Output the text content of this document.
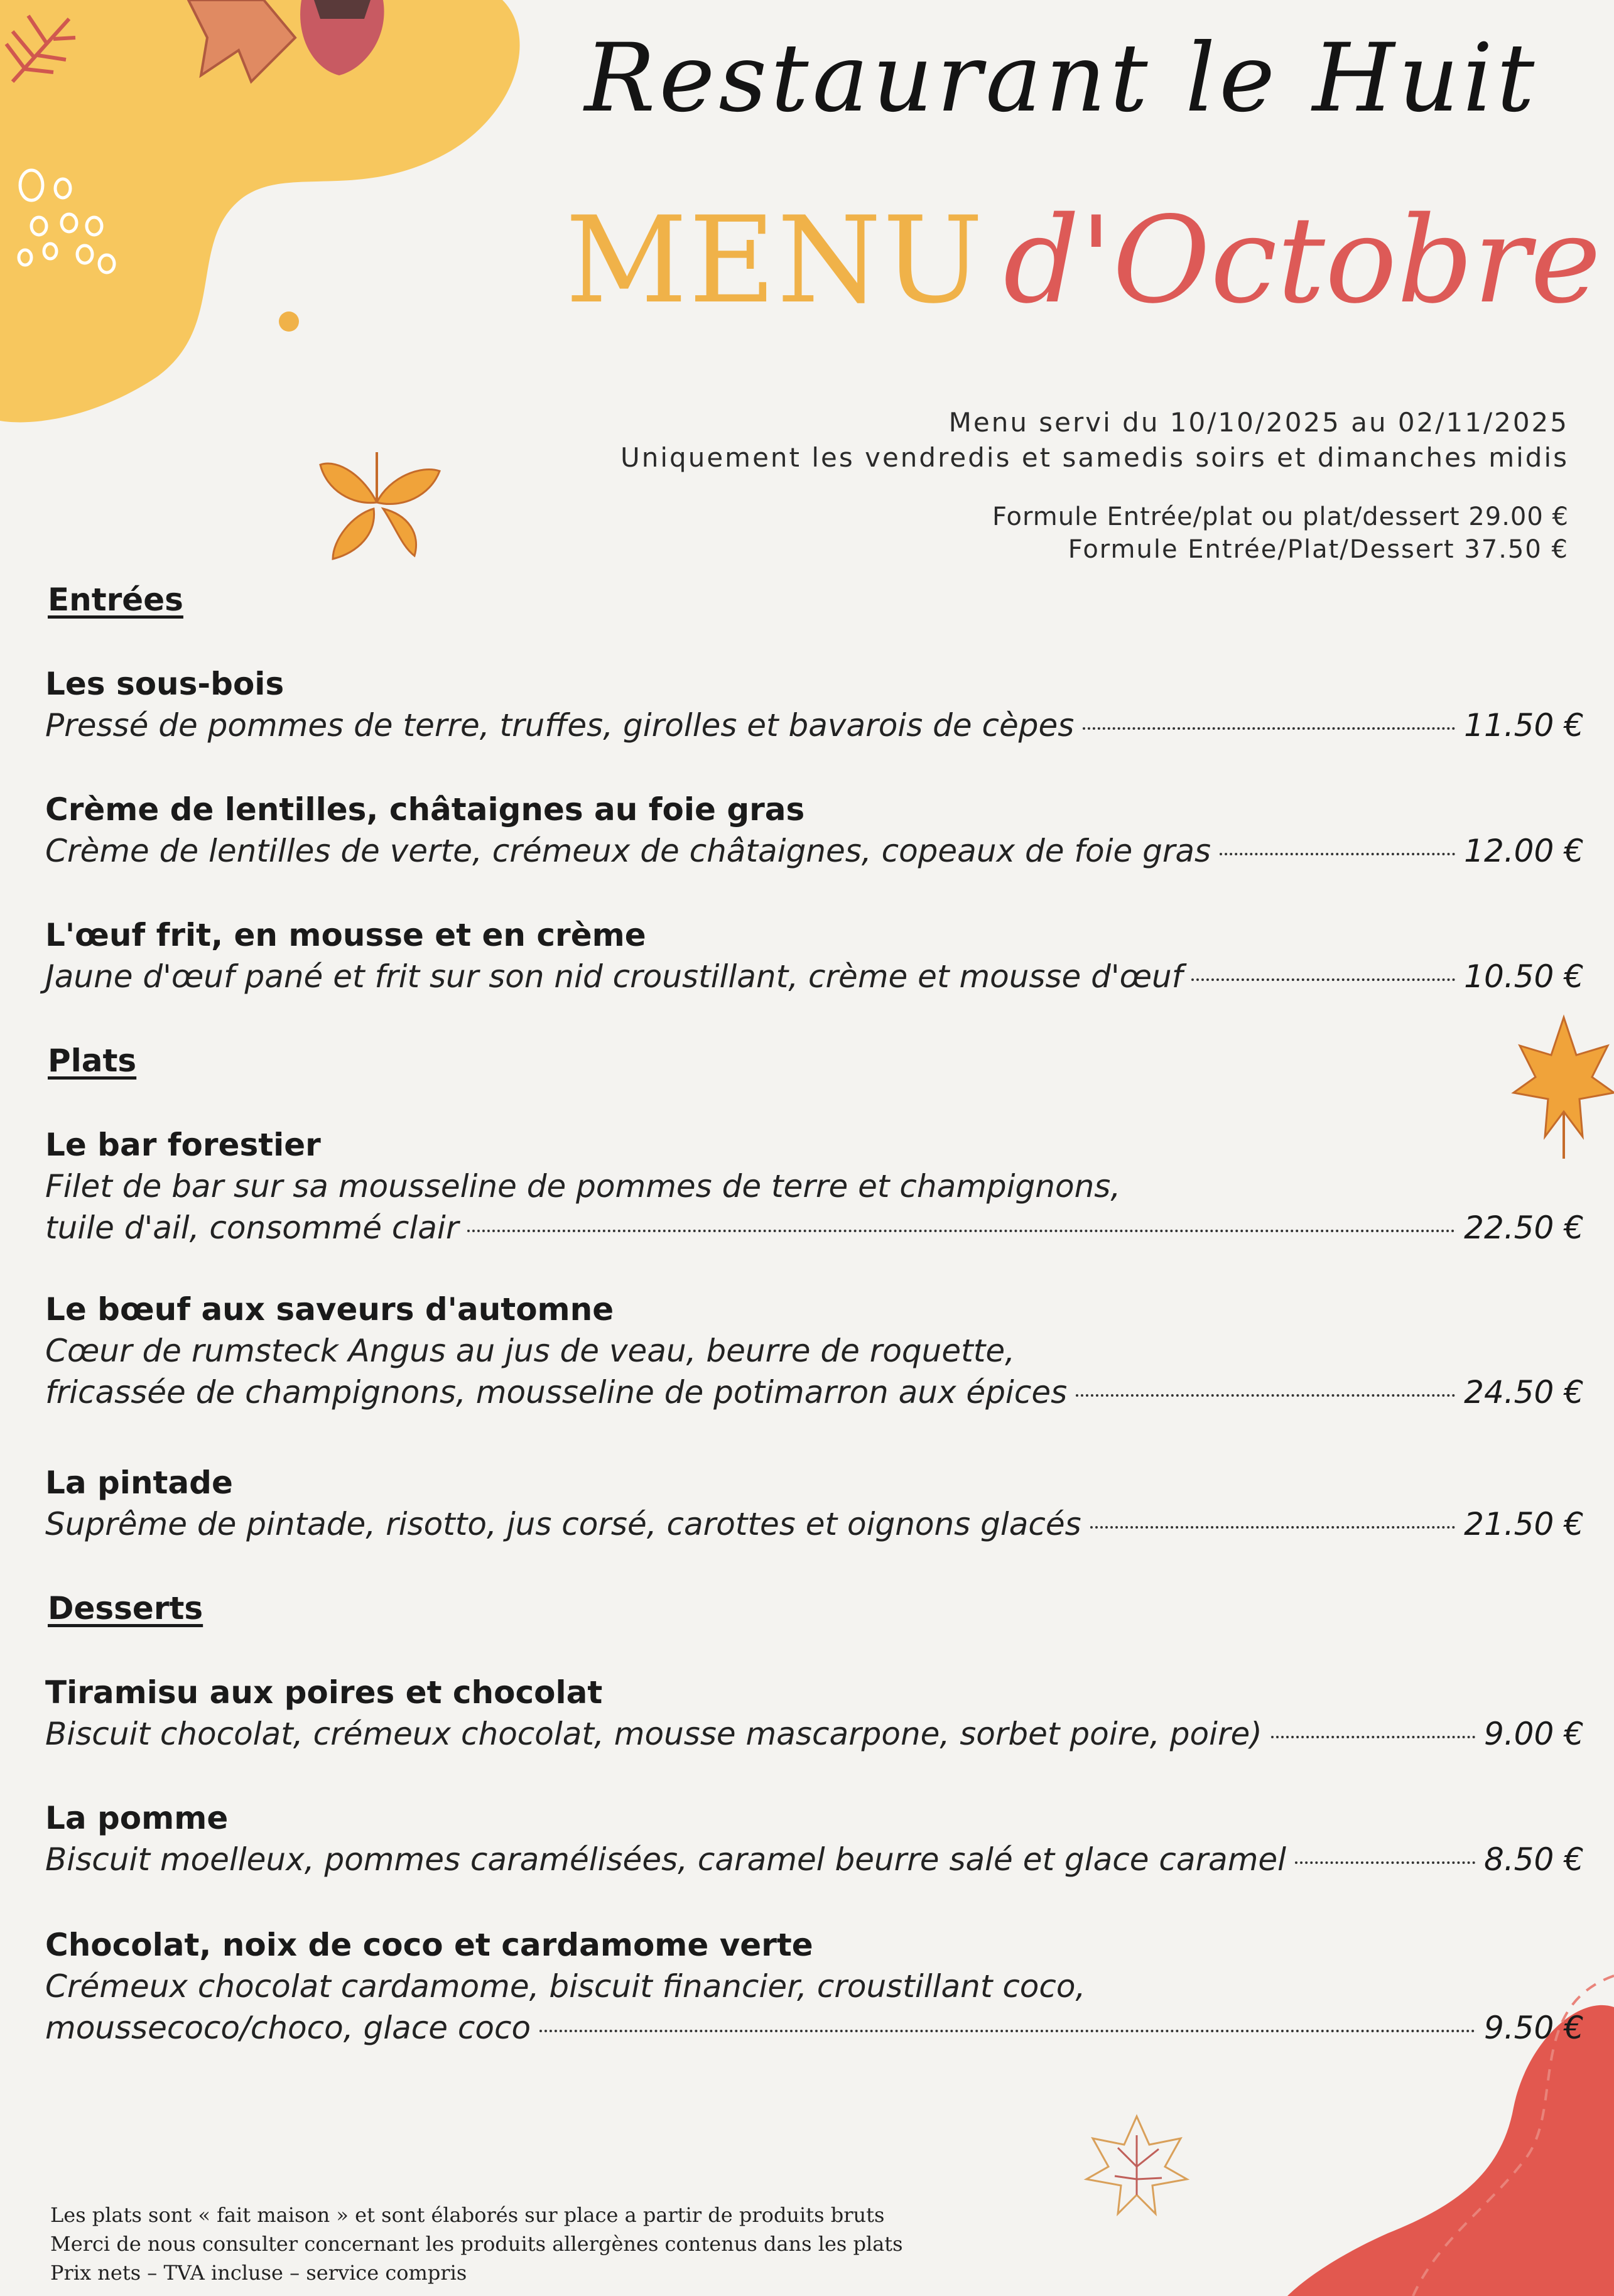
Restaurant le Huit
MENU d'Octobre
Menu servi du 10/10/2025 au 02/11/2025
Uniquement les vendredis et samedis soirs et dimanches midis
Formule Entrée/plat ou plat/dessert 29.00 €
Formule Entrée/Plat/Dessert 37.50 €
Entrées
Les sous-bois
Pressé de pommes de terre, truffes, girolles et bavarois de cèpes	11.50 €
Crème de lentilles, châtaignes au foie gras
Crème de lentilles de verte, crémeux de châtaignes, copeaux de foie gras	12.00 €
L'œuf frit, en mousse et en crème
Jaune d'œuf pané et frit sur son nid croustillant, crème et mousse d'œuf	10.50 €
Plats
Le bar forestier
Filet de bar sur sa mousseline de pommes de terre et champignons,
tuile d'ail, consommé clair	22.50 €
Le bœuf aux saveurs d'automne
Cœur de rumsteck Angus au jus de veau, beurre de roquette,
fricassée de champignons, mousseline de potimarron aux épices	24.50 €
La pintade
Suprême de pintade, risotto, jus corsé, carottes et oignons glacés	21.50 €
Desserts
Tiramisu aux poires et chocolat
Biscuit chocolat, crémeux chocolat, mousse mascarpone, sorbet poire, poire)	9.00 €
La pomme
Biscuit moelleux, pommes caramélisées, caramel beurre salé et glace caramel	8.50 €
Chocolat, noix de coco et cardamome verte
Crémeux chocolat cardamome, biscuit financier, croustillant coco,
moussecoco/choco, glace coco	9.50 €
Les plats sont « fait maison » et sont élaborés sur place a partir de produits bruts
Merci de nous consulter concernant les produits allergènes contenus dans les plats
Prix nets – TVA incluse – service compris
